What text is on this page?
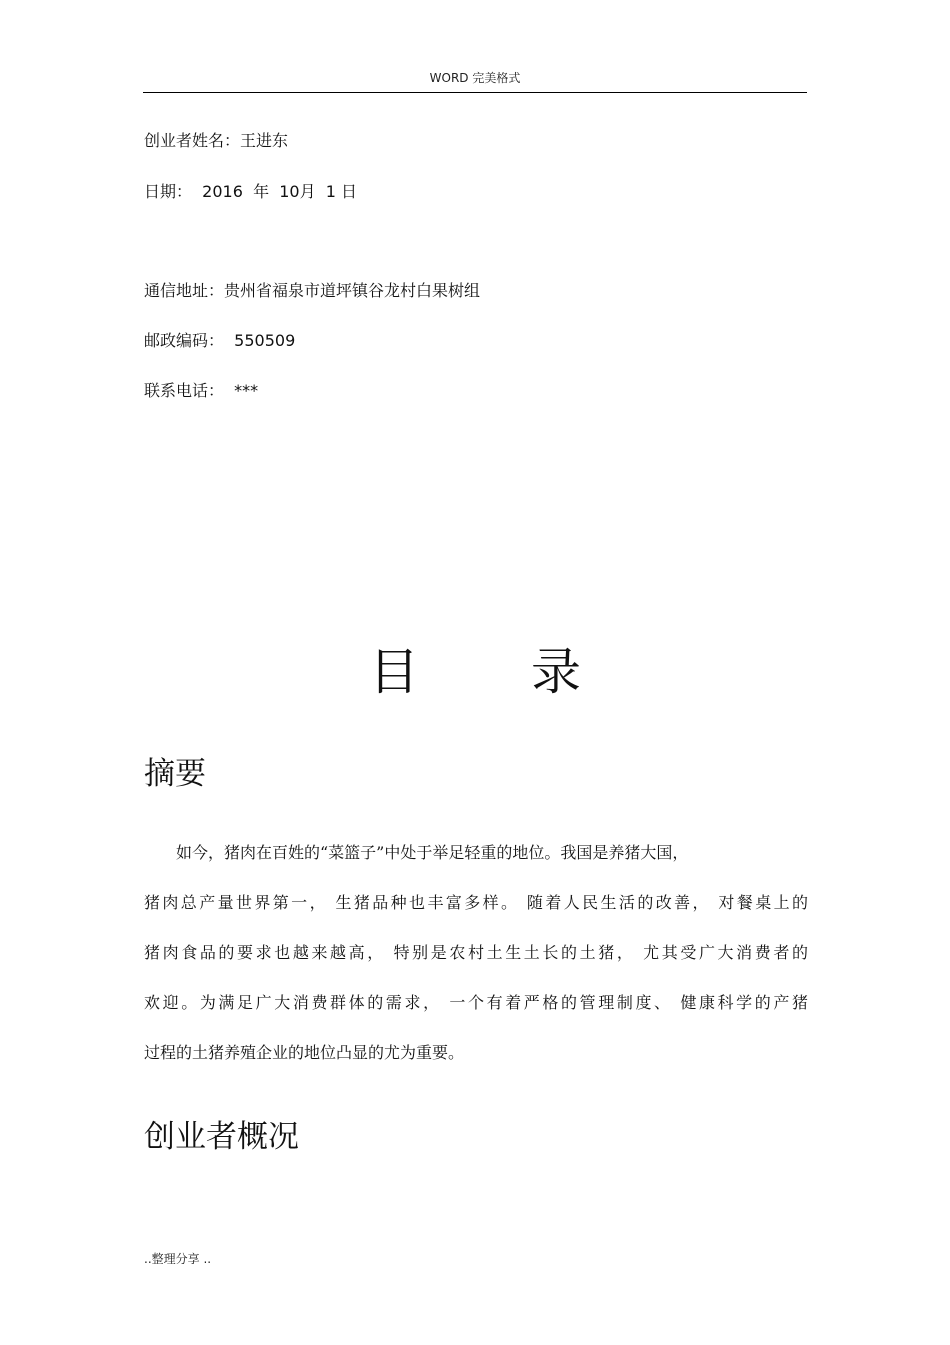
WORD 完美格式
创业者姓名：王进东
日期：  2016  年  10月  1 日
通信地址：贵州省福泉市道坪镇谷龙村白果树组
邮政编码：  550509
联系电话：  ***
目录
摘要
如今，猪肉在百姓的“菜篮子”中处于举足轻重的地位。我国是养猪大国，
猪肉总产量世界第一， 生猪品种也丰富多样。 随着人民生活的改善， 对餐桌上的
猪肉食品的要求也越来越高， 特别是农村土生土长的土猪， 尤其受广大消费者的
欢迎。为满足广大消费群体的需求， 一个有着严格的管理制度、 健康科学的产猪
过程的土猪养殖企业的地位凸显的尤为重要。
创业者概况
..整理分享 ..
